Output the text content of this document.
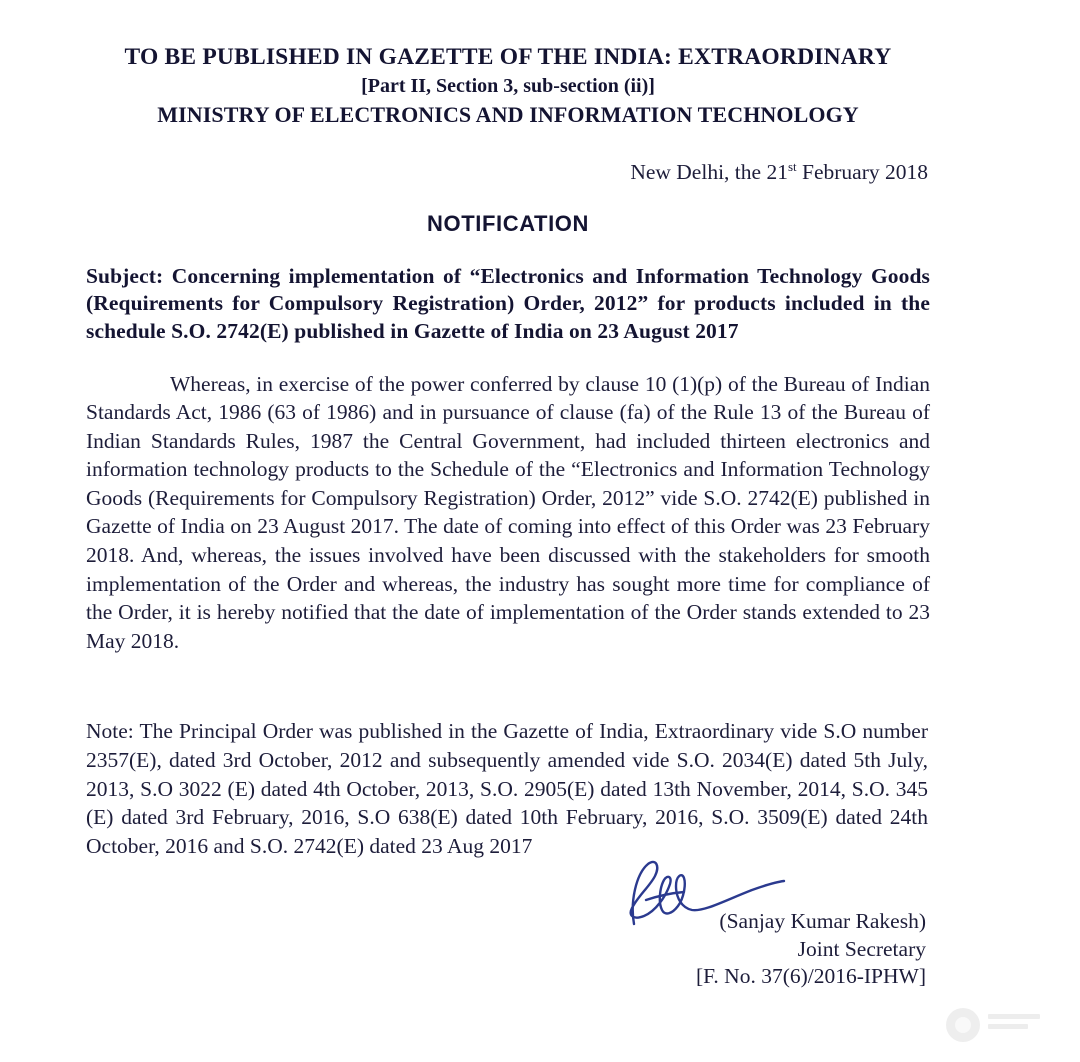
TO BE PUBLISHED IN GAZETTE OF THE INDIA: EXTRAORDINARY
[Part II, Section 3, sub-section (ii)]
MINISTRY OF ELECTRONICS AND INFORMATION TECHNOLOGY
New Delhi, the 21st February 2018
NOTIFICATION
Subject: Concerning implementation of “Electronics and Information Technology Goods (Requirements for Compulsory Registration) Order, 2012” for products included in the schedule S.O. 2742(E) published in Gazette of India on 23 August 2017
Whereas, in exercise of the power conferred by clause 10 (1)(p) of the Bureau of Indian Standards Act, 1986 (63 of 1986) and in pursuance of clause (fa) of the Rule 13 of the Bureau of Indian Standards Rules, 1987 the Central Government, had included thirteen electronics and information technology products to the Schedule of the “Electronics and Information Technology Goods (Requirements for Compulsory Registration) Order, 2012” vide S.O. 2742(E) published in Gazette of India on 23 August 2017. The date of coming into effect of this Order was 23 February 2018. And, whereas, the issues involved have been discussed with the stakeholders for smooth implementation of the Order and whereas, the industry has sought more time for compliance of the Order, it is hereby notified that the date of implementation of the Order stands extended to 23 May 2018.
Note: The Principal Order was published in the Gazette of India, Extraordinary vide S.O number 2357(E), dated 3rd October, 2012 and subsequently amended vide S.O. 2034(E) dated 5th July, 2013, S.O 3022 (E) dated 4th October, 2013, S.O. 2905(E) dated 13th November, 2014, S.O. 345 (E) dated 3rd February, 2016, S.O 638(E) dated 10th February, 2016, S.O. 3509(E) dated 24th October, 2016 and S.O. 2742(E) dated 23 Aug 2017
(Sanjay Kumar Rakesh)
Joint Secretary
[F. No. 37(6)/2016-IPHW]
